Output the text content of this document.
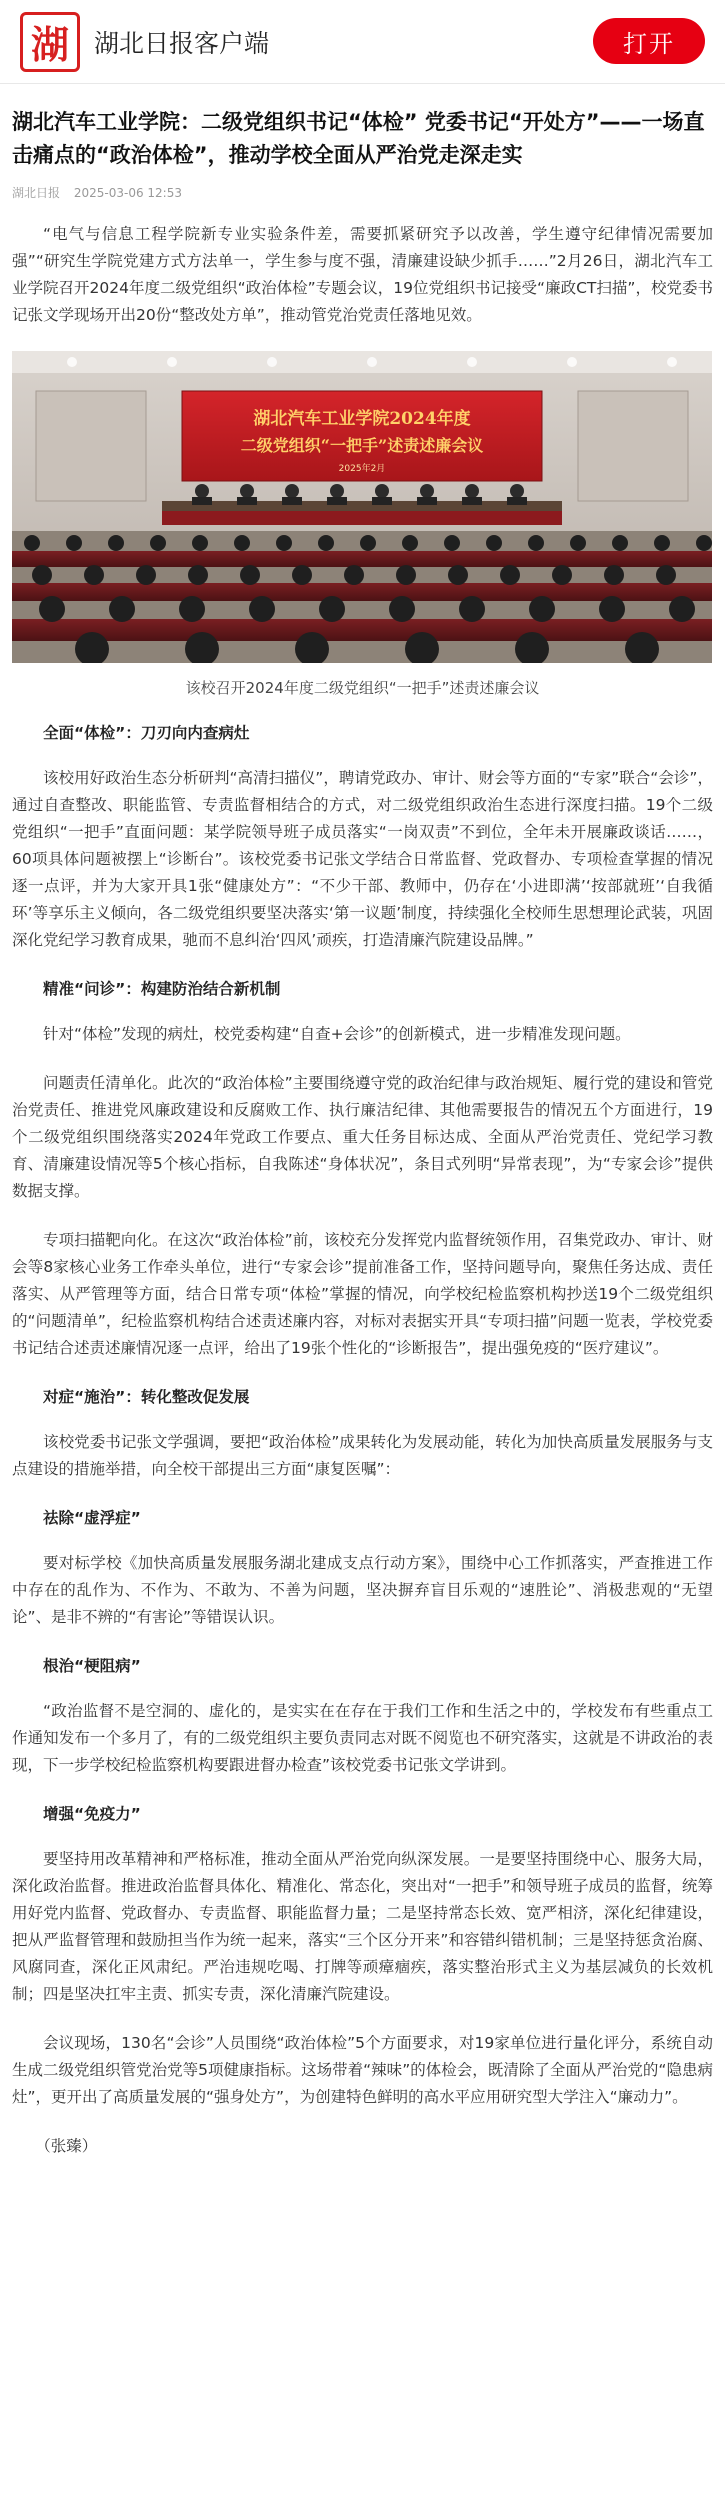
湖	湖北日报客户端	打开
湖北汽车工业学院：二级党组织书记“体检” 党委书记“开处方”——一场直击痛点的“政治体检”，推动学校全面从严治党走深走实
湖北日报 2025-03-06 12:53

“电气与信息工程学院新专业实验条件差，需要抓紧研究予以改善，学生遵守纪律情况需要加强”“研究生学院党建方式方法单一，学生参与度不强，清廉建设缺少抓手……”2月26日，湖北汽车工业学院召开2024年度二级党组织“政治体检”专题会议，19位党组织书记接受“廉政CT扫描”，校党委书记张文学现场开出20份“整改处方单”，推动管党治党责任落地见效。

湖北汽车工业学院2024年度
二级党组织“一把手”述责述廉会议
2025年2月
该校召开2024年度二级党组织“一把手”述责述廉会议
全面“体检”：刀刃向内查病灶

该校用好政治生态分析研判“高清扫描仪”，聘请党政办、审计、财会等方面的“专家”联合“会诊”，通过自查整改、职能监管、专责监督相结合的方式，对二级党组织政治生态进行深度扫描。19个二级党组织“一把手”直面问题：某学院领导班子成员落实“一岗双责”不到位，全年未开展廉政谈话……，60项具体问题被摆上“诊断台”。该校党委书记张文学结合日常监督、党政督办、专项检查掌握的情况逐一点评，并为大家开具1张“健康处方”：“不少干部、教师中，仍存在‘小进即满’‘按部就班’‘自我循环’等享乐主义倾向，各二级党组织要坚决落实‘第一议题’制度，持续强化全校师生思想理论武装，巩固深化党纪学习教育成果，驰而不息纠治‘四风’顽疾，打造清廉汽院建设品牌。”

精准“问诊”：构建防治结合新机制

针对“体检”发现的病灶，校党委构建“自查+会诊”的创新模式，进一步精准发现问题。

问题责任清单化。此次的“政治体检”主要围绕遵守党的政治纪律与政治规矩、履行党的建设和管党治党责任、推进党风廉政建设和反腐败工作、执行廉洁纪律、其他需要报告的情况五个方面进行，19个二级党组织围绕落实2024年党政工作要点、重大任务目标达成、全面从严治党责任、党纪学习教育、清廉建设情况等5个核心指标，自我陈述“身体状况”，条目式列明“异常表现”，为“专家会诊”提供数据支撑。

专项扫描靶向化。在这次“政治体检”前，该校充分发挥党内监督统领作用，召集党政办、审计、财会等8家核心业务工作牵头单位，进行“专家会诊”提前准备工作，坚持问题导向，聚焦任务达成、责任落实、从严管理等方面，结合日常专项“体检”掌握的情况，向学校纪检监察机构抄送19个二级党组织的“问题清单”，纪检监察机构结合述责述廉内容，对标对表据实开具“专项扫描”问题一览表，学校党委书记结合述责述廉情况逐一点评，给出了19张个性化的“诊断报告”，提出强免疫的“医疗建议”。

对症“施治”：转化整改促发展

该校党委书记张文学强调，要把“政治体检”成果转化为发展动能，转化为加快高质量发展服务与支点建设的措施举措，向全校干部提出三方面“康复医嘱”：

祛除“虚浮症”

要对标学校《加快高质量发展服务湖北建成支点行动方案》，围绕中心工作抓落实，严查推进工作中存在的乱作为、不作为、不敢为、不善为问题，坚决摒弃盲目乐观的“速胜论”、消极悲观的“无望论”、是非不辨的“有害论”等错误认识。

根治“梗阻病”

“政治监督不是空洞的、虚化的，是实实在在存在于我们工作和生活之中的，学校发布有些重点工作通知发布一个多月了，有的二级党组织主要负责同志对既不阅览也不研究落实，这就是不讲政治的表现，下一步学校纪检监察机构要跟进督办检查”该校党委书记张文学讲到。

增强“免疫力”

要坚持用改革精神和严格标准，推动全面从严治党向纵深发展。一是要坚持围绕中心、服务大局，深化政治监督。推进政治监督具体化、精准化、常态化，突出对“一把手”和领导班子成员的监督，统筹用好党内监督、党政督办、专责监督、职能监督力量；二是坚持常态长效、宽严相济，深化纪律建设，把从严监督管理和鼓励担当作为统一起来，落实“三个区分开来”和容错纠错机制；三是坚持惩贪治腐、风腐同查，深化正风肃纪。严治违规吃喝、打牌等顽瘴痼疾，落实整治形式主义为基层减负的长效机制；四是坚决扛牢主责、抓实专责，深化清廉汽院建设。

会议现场，130名“会诊”人员围绕“政治体检”5个方面要求，对19家单位进行量化评分，系统自动生成二级党组织管党治党等5项健康指标。这场带着“辣味”的体检会，既清除了全面从严治党的“隐患病灶”，更开出了高质量发展的“强身处方”，为创建特色鲜明的高水平应用研究型大学注入“廉动力”。

（张臻）
